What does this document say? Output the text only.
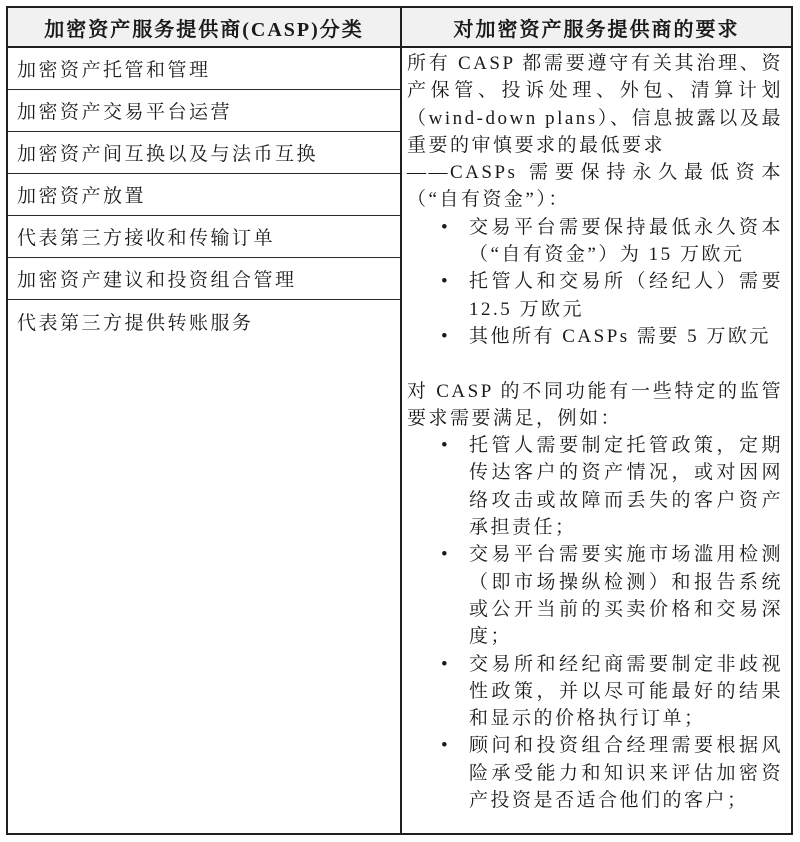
加密资产服务提供商(CASP)分类	对加密资产服务提供商的要求
加密资产托管和管理
加密资产交易平台运营
加密资产间互换以及与法币互换
加密资产放置
代表第三方接收和传输订单
加密资产建议和投资组合管理
代表第三方提供转账服务

所有 CASP 都需要遵守有关其治理、资产保管、投诉处理、外包、清算计划（wind-down plans）、信息披露以及最重要的审慎要求的最低要求

——CASPs 需要保持永久最低资本（“自有资金”）：

• 交易平台需要保持最低永久资本（“自有资金”）为 15 万欧元
• 托管人和交易所（经纪人）需要 12.5 万欧元
• 其他所有 CASPs 需要 5 万欧元

对 CASP 的不同功能有一些特定的监管要求需要满足，例如：

• 托管人需要制定托管政策，定期传达客户的资产情况，或对因网络攻击或故障而丢失的客户资产承担责任；
• 交易平台需要实施市场滥用检测（即市场操纵检测）和报告系统或公开当前的买卖价格和交易深度；
• 交易所和经纪商需要制定非歧视性政策，并以尽可能最好的结果和显示的价格执行订单；
• 顾问和投资组合经理需要根据风险承受能力和知识来评估加密资产投资是否适合他们的客户；
